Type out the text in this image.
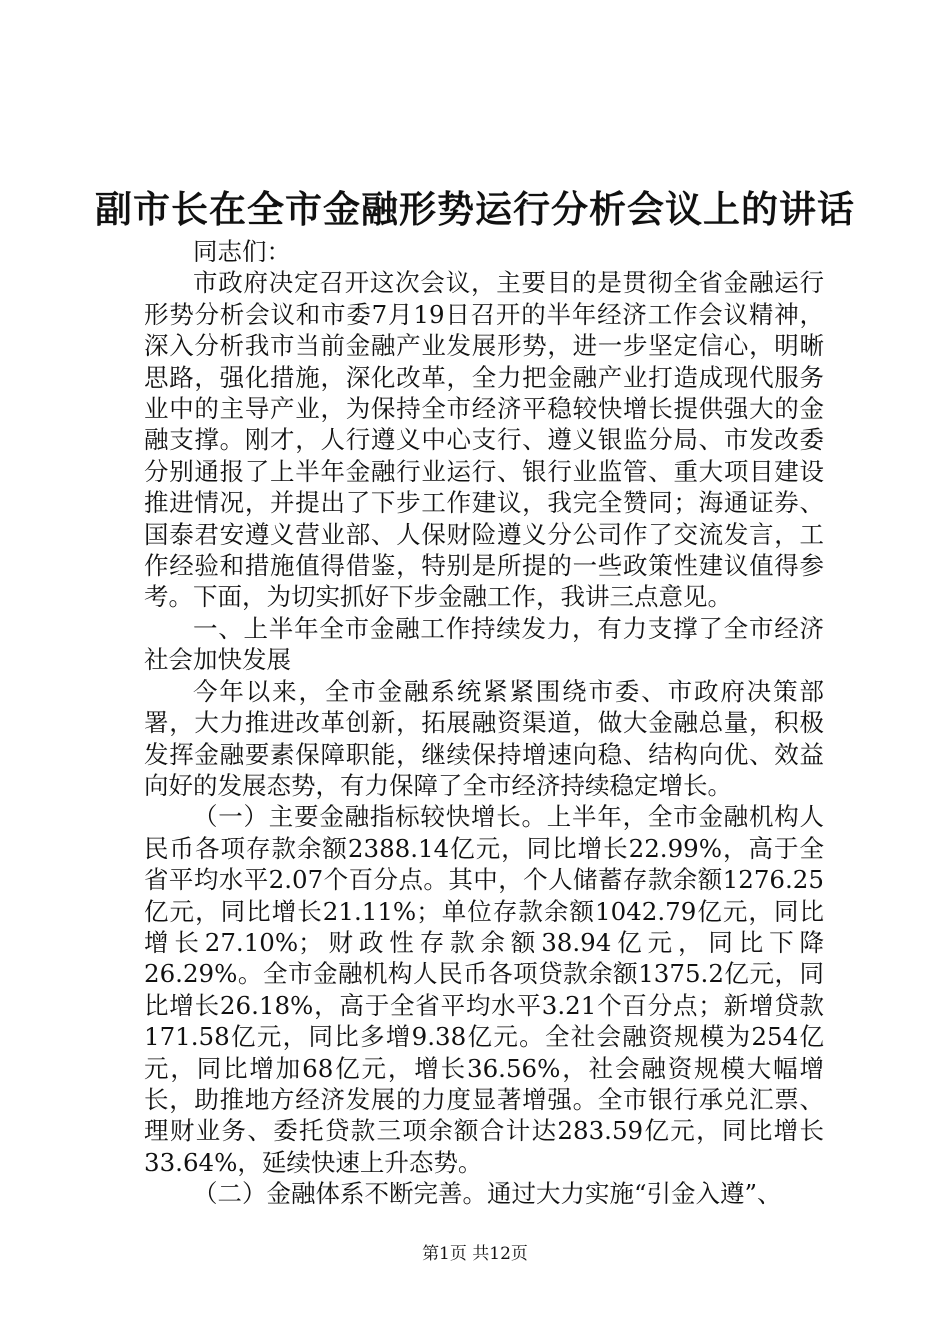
副市长在全市金融形势运行分析会议上的讲话

同志们：

市政府决定召开这次会议，主要目的是贯彻全省金融运行形势分析会议和市委7月19日召开的半年经济工作会议精神，深入分析我市当前金融产业发展形势，进一步坚定信心，明晰思路，强化措施，深化改革，全力把金融产业打造成现代服务业中的主导产业，为保持全市经济平稳较快增长提供强大的金融支撑。刚才，人行遵义中心支行、遵义银监分局、市发改委分别通报了上半年金融行业运行、银行业监管、重大项目建设推进情况，并提出了下步工作建议，我完全赞同；海通证券、国泰君安遵义营业部、人保财险遵义分公司作了交流发言，工作经验和措施值得借鉴，特别是所提的一些政策性建议值得参考。下面，为切实抓好下步金融工作，我讲三点意见。

一、上半年全市金融工作持续发力，有力支撑了全市经济社会加快发展

今年以来，全市金融系统紧紧围绕市委、市政府决策部署，大力推进改革创新，拓展融资渠道，做大金融总量，积极发挥金融要素保障职能，继续保持增速向稳、结构向优、效益向好的发展态势，有力保障了全市经济持续稳定增长。

（一）主要金融指标较快增长。上半年，全市金融机构人民币各项存款余额2388.14亿元，同比增长22.99%，高于全省平均水平2.07个百分点。其中，个人储蓄存款余额1276.25亿元，同比增长21.11%；单位存款余额1042.79亿元，同比增长27.10%；财政性存款余额38.94亿元，同比下降26.29%。全市金融机构人民币各项贷款余额1375.2亿元，同比增长26.18%，高于全省平均水平3.21个百分点；新增贷款171.58亿元，同比多增9.38亿元。全社会融资规模为254亿元，同比增加68亿元，增长36.56%，社会融资规模大幅增长，助推地方经济发展的力度显著增强。全市银行承兑汇票、理财业务、委托贷款三项余额合计达283.59亿元，同比增长33.64%，延续快速上升态势。

（二）金融体系不断完善。通过大力实施“引金入遵”、

第1页 共12页
